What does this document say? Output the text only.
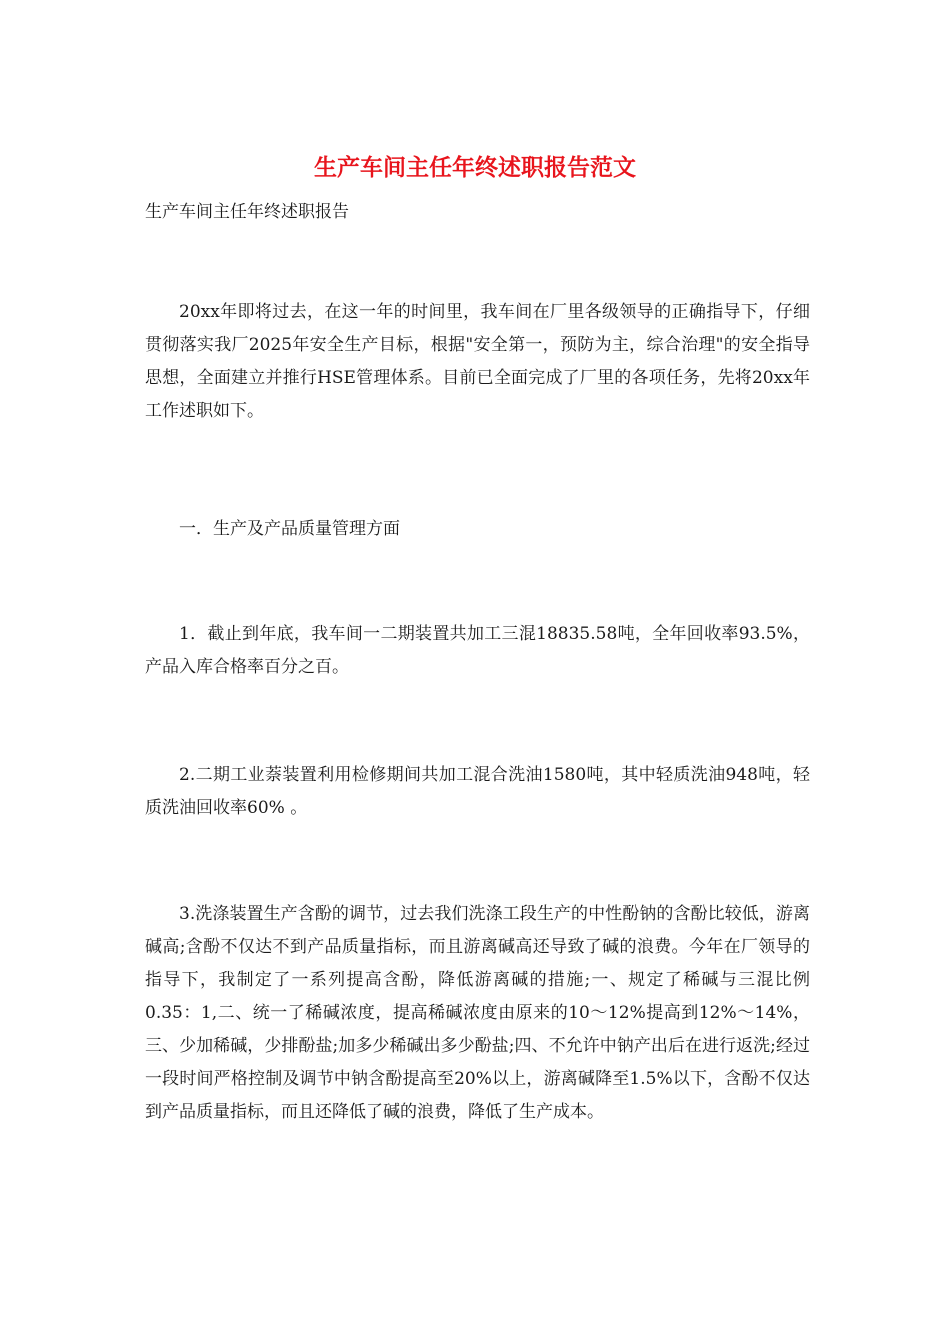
生产车间主任年终述职报告范文

生产车间主任年终述职报告

20xx年即将过去，在这一年的时间里，我车间在厂里各级领导的正确指导下，仔细贯彻落实我厂2025年安全生产目标，根据"安全第一，预防为主，综合治理"的安全指导思想，全面建立并推行HSE管理体系。目前已全面完成了厂里的各项任务，先将20xx年工作述职如下。

一．生产及产品质量管理方面

1．截止到年底，我车间一二期装置共加工三混18835.58吨，全年回收率93.5%，产品入库合格率百分之百。

2.二期工业萘装置利用检修期间共加工混合洗油1580吨，其中轻质洗油948吨，轻质洗油回收率60% 。

3.洗涤装置生产含酚的调节，过去我们洗涤工段生产的中性酚钠的含酚比较低，游离碱高;含酚不仅达不到产品质量指标，而且游离碱高还导致了碱的浪费。今年在厂领导的指导下，我制定了一系列提高含酚，降低游离碱的措施;一、规定了稀碱与三混比例0.35：1,二、统一了稀碱浓度，提高稀碱浓度由原来的10～12%提高到12%～14%，三、少加稀碱，少排酚盐;加多少稀碱出多少酚盐;四、不允许中钠产出后在进行返洗;经过一段时间严格控制及调节中钠含酚提高至20%以上，游离碱降至1.5%以下，含酚不仅达到产品质量指标，而且还降低了碱的浪费，降低了生产成本。
